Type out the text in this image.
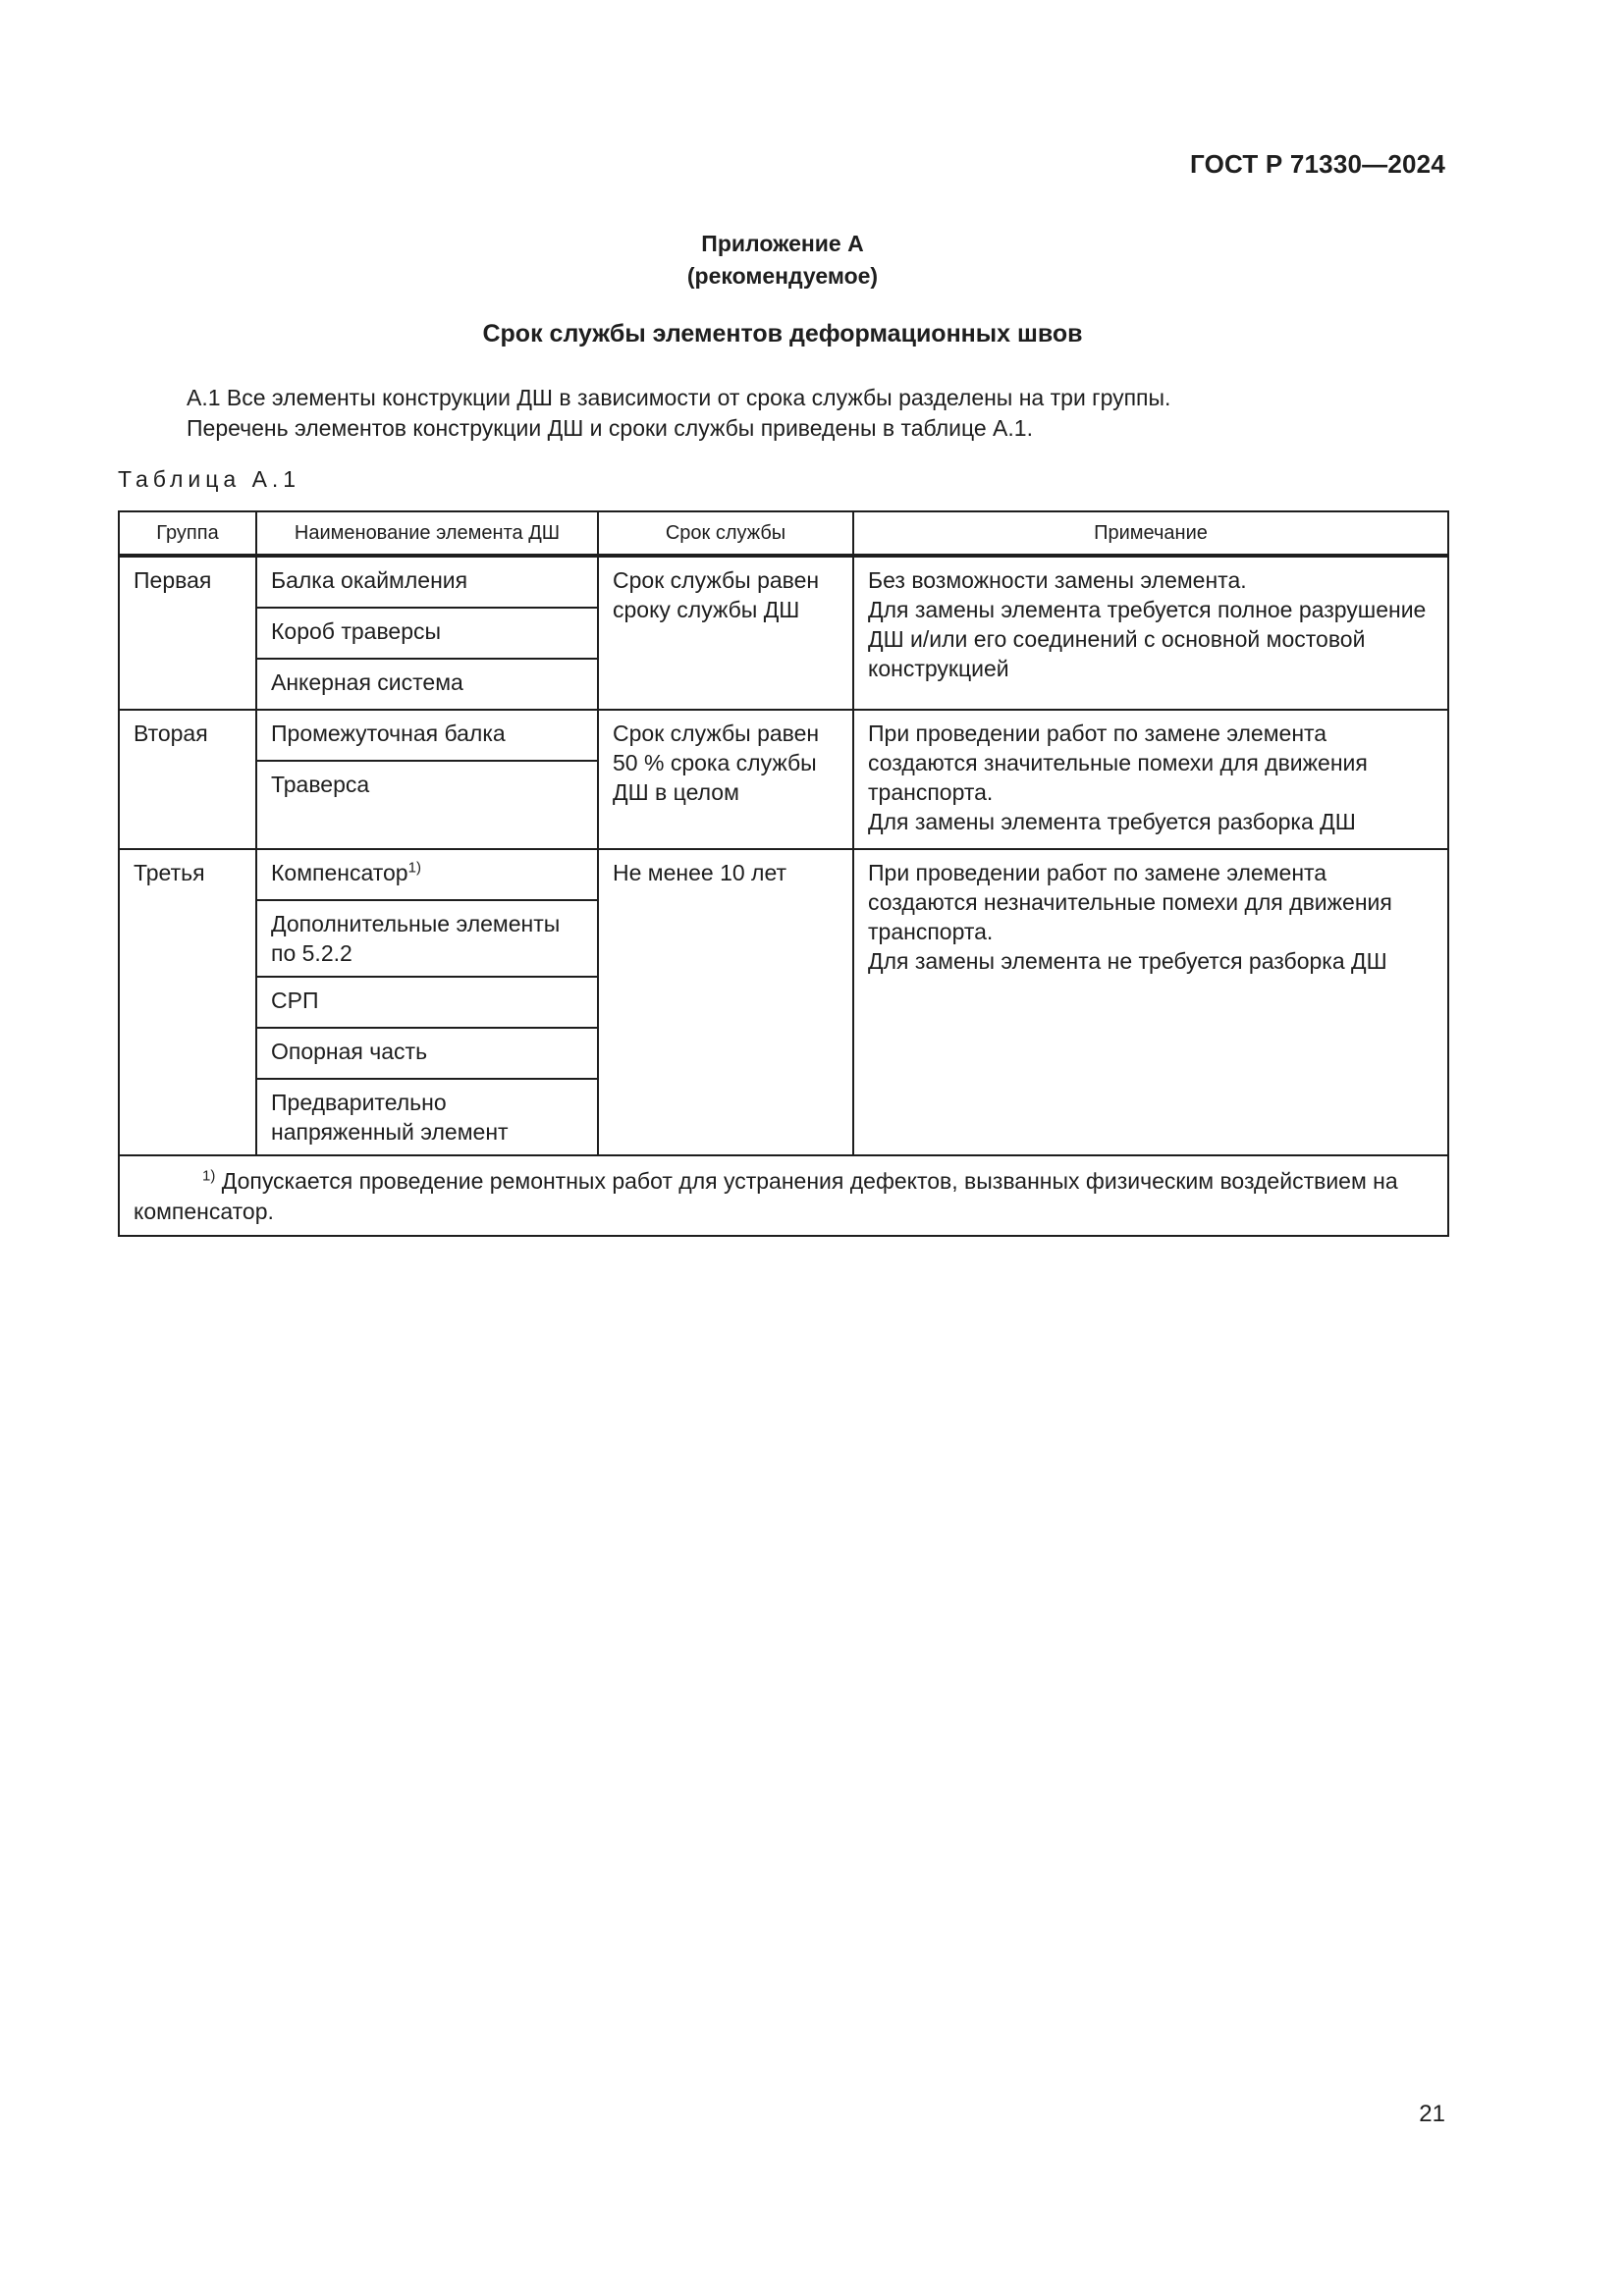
ГОСТ Р 71330—2024
Приложение А
(рекомендуемое)
Срок службы элементов деформационных швов

А.1 Все элементы конструкции ДШ в зависимости от срока службы разделены на три группы.

Перечень элементов конструкции ДШ и сроки службы приведены в таблице А.1.

Таблица А.1
Группа	Наименование элемента ДШ	Срок службы	Примечание
Первая	Балка окаймления	Срок службы равен сроку службы ДШ	Без возможности замены элемента.

Для замены элемента требуется полное разрушение ДШ и/или его соединений с основной мостовой конструкцией

	Короб траверсы		
	Анкерная система		
Вторая	Промежуточная балка	Срок службы равен 50 % срока службы ДШ в целом	При проведении работ по замене элемента создаются значительные помехи для движения транспорта.

Для замены элемента требуется разборка ДШ

	Траверса		
Третья	Компенсатор$^{1)}$	Не менее 10 лет	При проведении работ по замене элемента создаются незначительные помехи для движения транспорта.

Для замены элемента не требуется разборка ДШ

	Дополнительные элементы по 5.2.2		
	СРП		
	Опорная часть		
	Предварительно напряженный элемент		
$^{1)}$ Допускается проведение ремонтных работ для устранения дефектов, вызванных физическим воздействием на компенсатор.			
21
